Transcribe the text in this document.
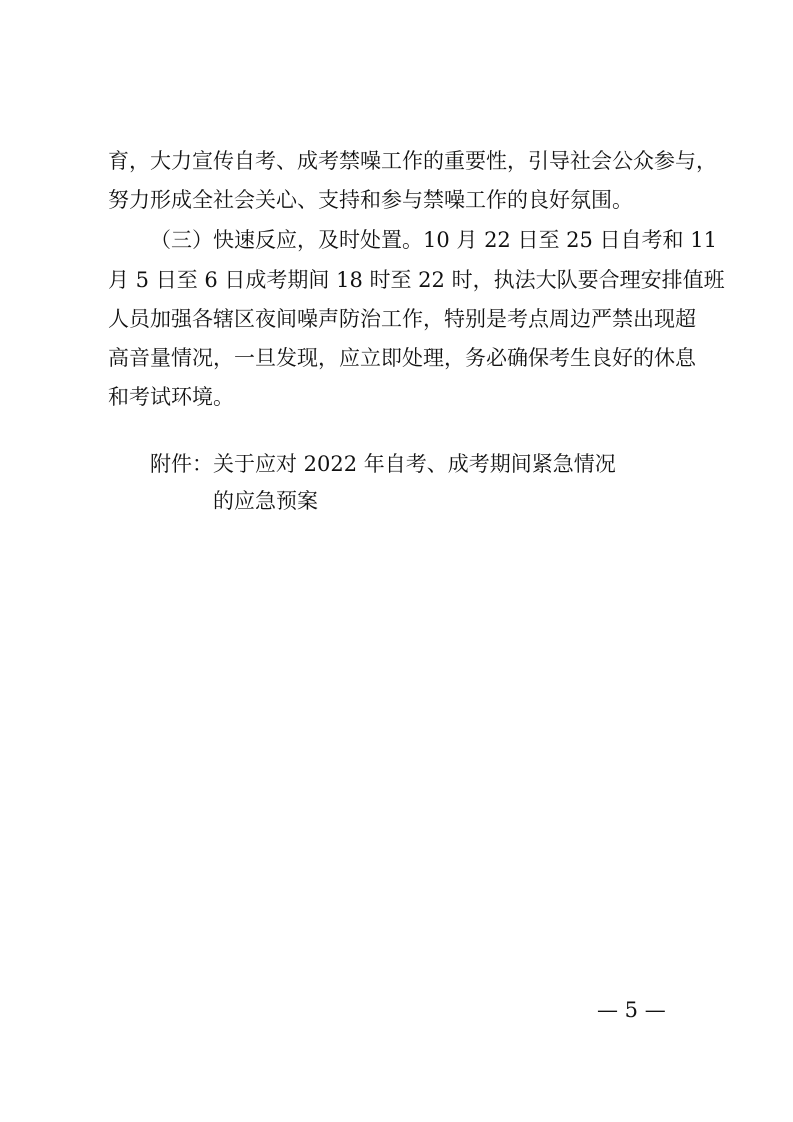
育，大力宣传自考、成考禁噪工作的重要性，引导社会公众参与，
努力形成全社会关心、支持和参与禁噪工作的良好氛围。
（三）快速反应，及时处置。10 月 22 日至 25 日自考和 11
月 5 日至 6 日成考期间 18 时至 22 时，执法大队要合理安排值班
人员加强各辖区夜间噪声防治工作，特别是考点周边严禁出现超
高音量情况，一旦发现，应立即处理，务必确保考生良好的休息
和考试环境。
附件： 关于应对 2022 年自考、成考期间紧急情况
的应急预案
— 5 —
